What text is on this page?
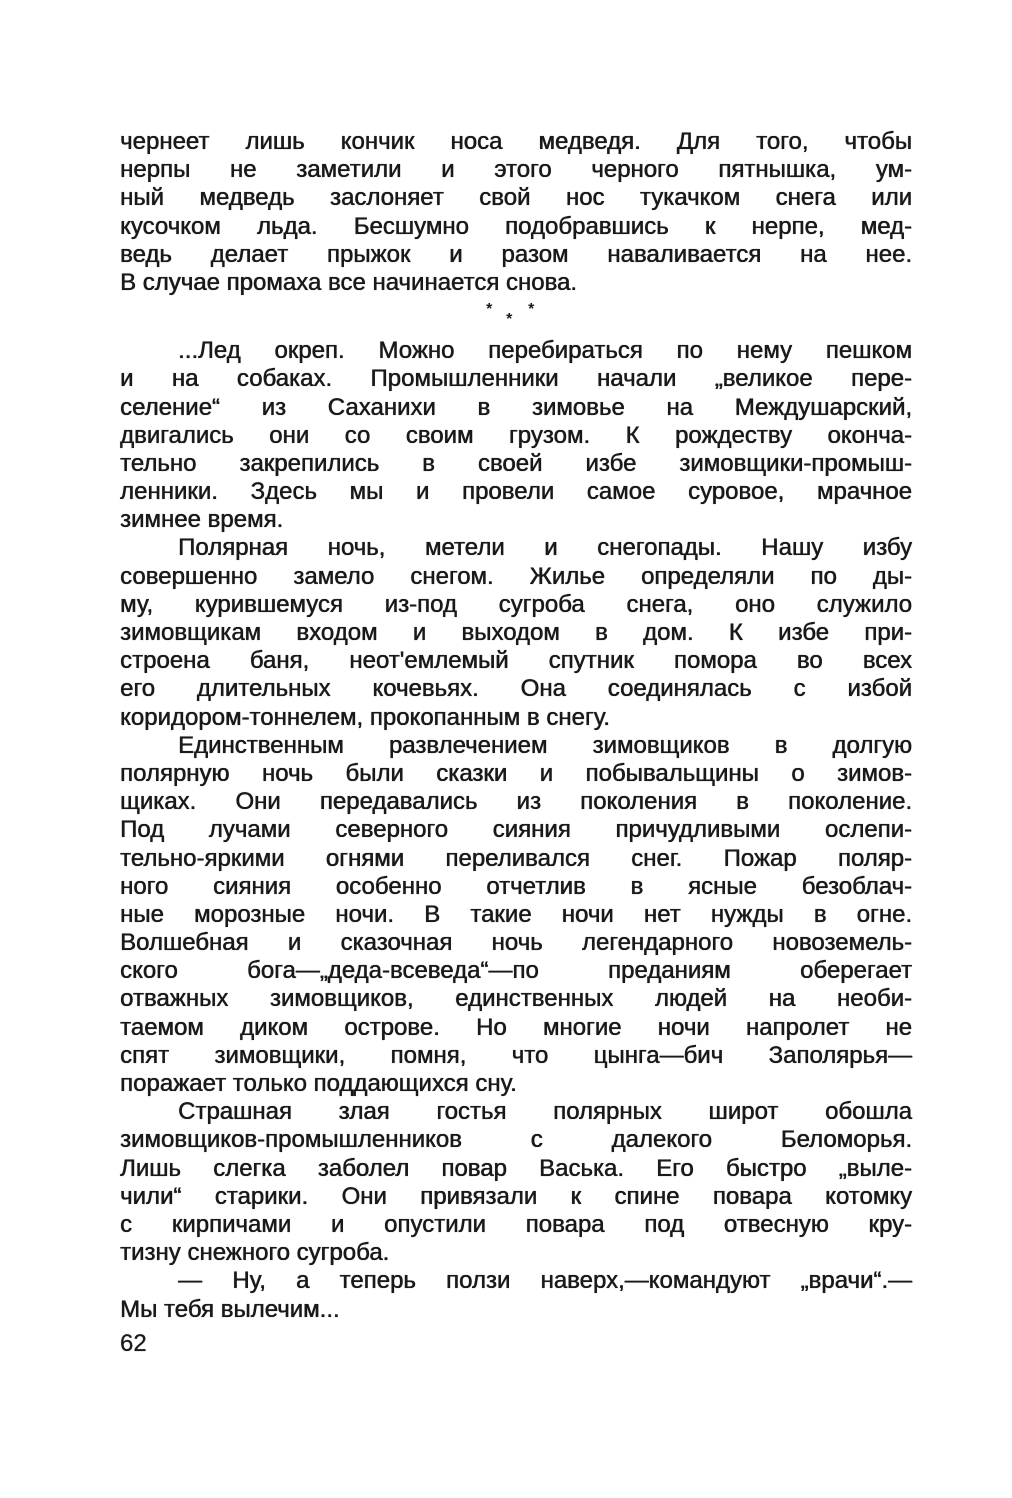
чернеет лишь кончик носа медведя. Для того, чтобы
нерпы не заметили и этого черного пятнышка, ум-
ный медведь заслоняет свой нос тукачком снега или
кусочком льда. Бесшумно подобравшись к нерпе, мед-
ведь делает прыжок и разом наваливается на нее.
В случае промаха все начинается снова.
*
*
*
...Лед окреп. Можно перебираться по нему пешком
и на собаках. Промышленники начали „великое пере-
селение“ из Саханихи в зимовье на Междушарский,
двигались они со своим грузом. К рождеству оконча-
тельно закрепились в своей избе зимовщики-промыш-
ленники. Здесь мы и провели самое суровое, мрачное
зимнее время.
Полярная ночь, метели и снегопады. Нашу избу
совершенно замело снегом. Жилье определяли по ды-
му, курившемуся из-под сугроба снега, оно служило
зимовщикам входом и выходом в дом. К избе при-
строена баня, неот'емлемый спутник помора во всех
его длительных кочевьях. Она соединялась с избой
коридором-тоннелем, прокопанным в снегу.
Единственным развлечением зимовщиков в долгую
полярную ночь были сказки и побывальщины о зимов-
щиках. Они передавались из поколения в поколение.
Под лучами северного сияния причудливыми ослепи-
тельно-яркими огнями переливался снег. Пожар поляр-
ного сияния особенно отчетлив в ясные безоблач-
ные морозные ночи. В такие ночи нет нужды в огне.
Волшебная и сказочная ночь легендарного новоземель-
ского бога—„деда-всеведа“—по преданиям оберегает
отважных зимовщиков, единственных людей на необи-
таемом диком острове. Но многие ночи напролет не
спят зимовщики, помня, что цынга—бич Заполярья—
поражает только поддающихся сну.
Страшная злая гостья полярных широт обошла
зимовщиков-промышленников с далекого Беломорья.
Лишь слегка заболел повар Васька. Его быстро „выле-
чили“ старики. Они привязали к спине повара котомку
с кирпичами и опустили повара под отвесную кру-
тизну снежного сугроба.
— Ну, а теперь ползи наверх,—командуют „врачи“.—
Мы тебя вылечим...
62
